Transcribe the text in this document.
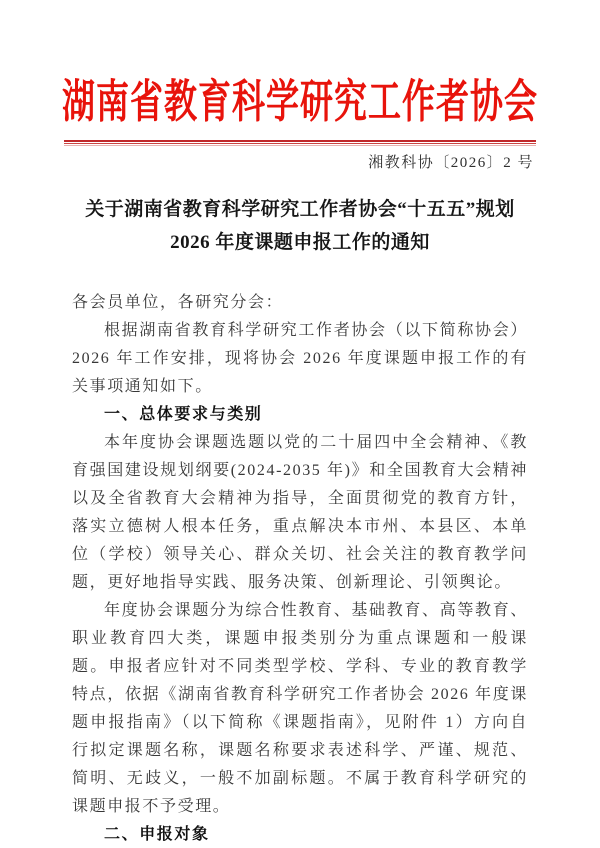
湖南省教育科学研究工作者协会
湘教科协〔2026〕2 号
关于湖南省教育科学研究工作者协会“十五五”规划
2026 年度课题申报工作的通知

各会员单位，各研究分会：

根据湖南省教育科学研究工作者协会（以下简称协会）2026 年工作安排，现将协会 2026 年度课题申报工作的有关事项通知如下。

一、总体要求与类别

本年度协会课题选题以党的二十届四中全会精神、《教育强国建设规划纲要(2024-2035 年)》和全国教育大会精神以及全省教育大会精神为指导，全面贯彻党的教育方针，落实立德树人根本任务，重点解决本市州、本县区、本单位（学校）领导关心、群众关切、社会关注的教育教学问题，更好地指导实践、服务决策、创新理论、引领舆论。

年度协会课题分为综合性教育、基础教育、高等教育、职业教育四大类，课题申报类别分为重点课题和一般课题。申报者应针对不同类型学校、学科、专业的教育教学特点，依据《湖南省教育科学研究工作者协会 2026 年度课题申报指南》（以下简称《课题指南》，见附件 1）方向自行拟定课题名称，课题名称要求表述科学、严谨、规范、简明、无歧义，一般不加副标题。不属于教育科学研究的课题申报不予受理。

二、申报对象
